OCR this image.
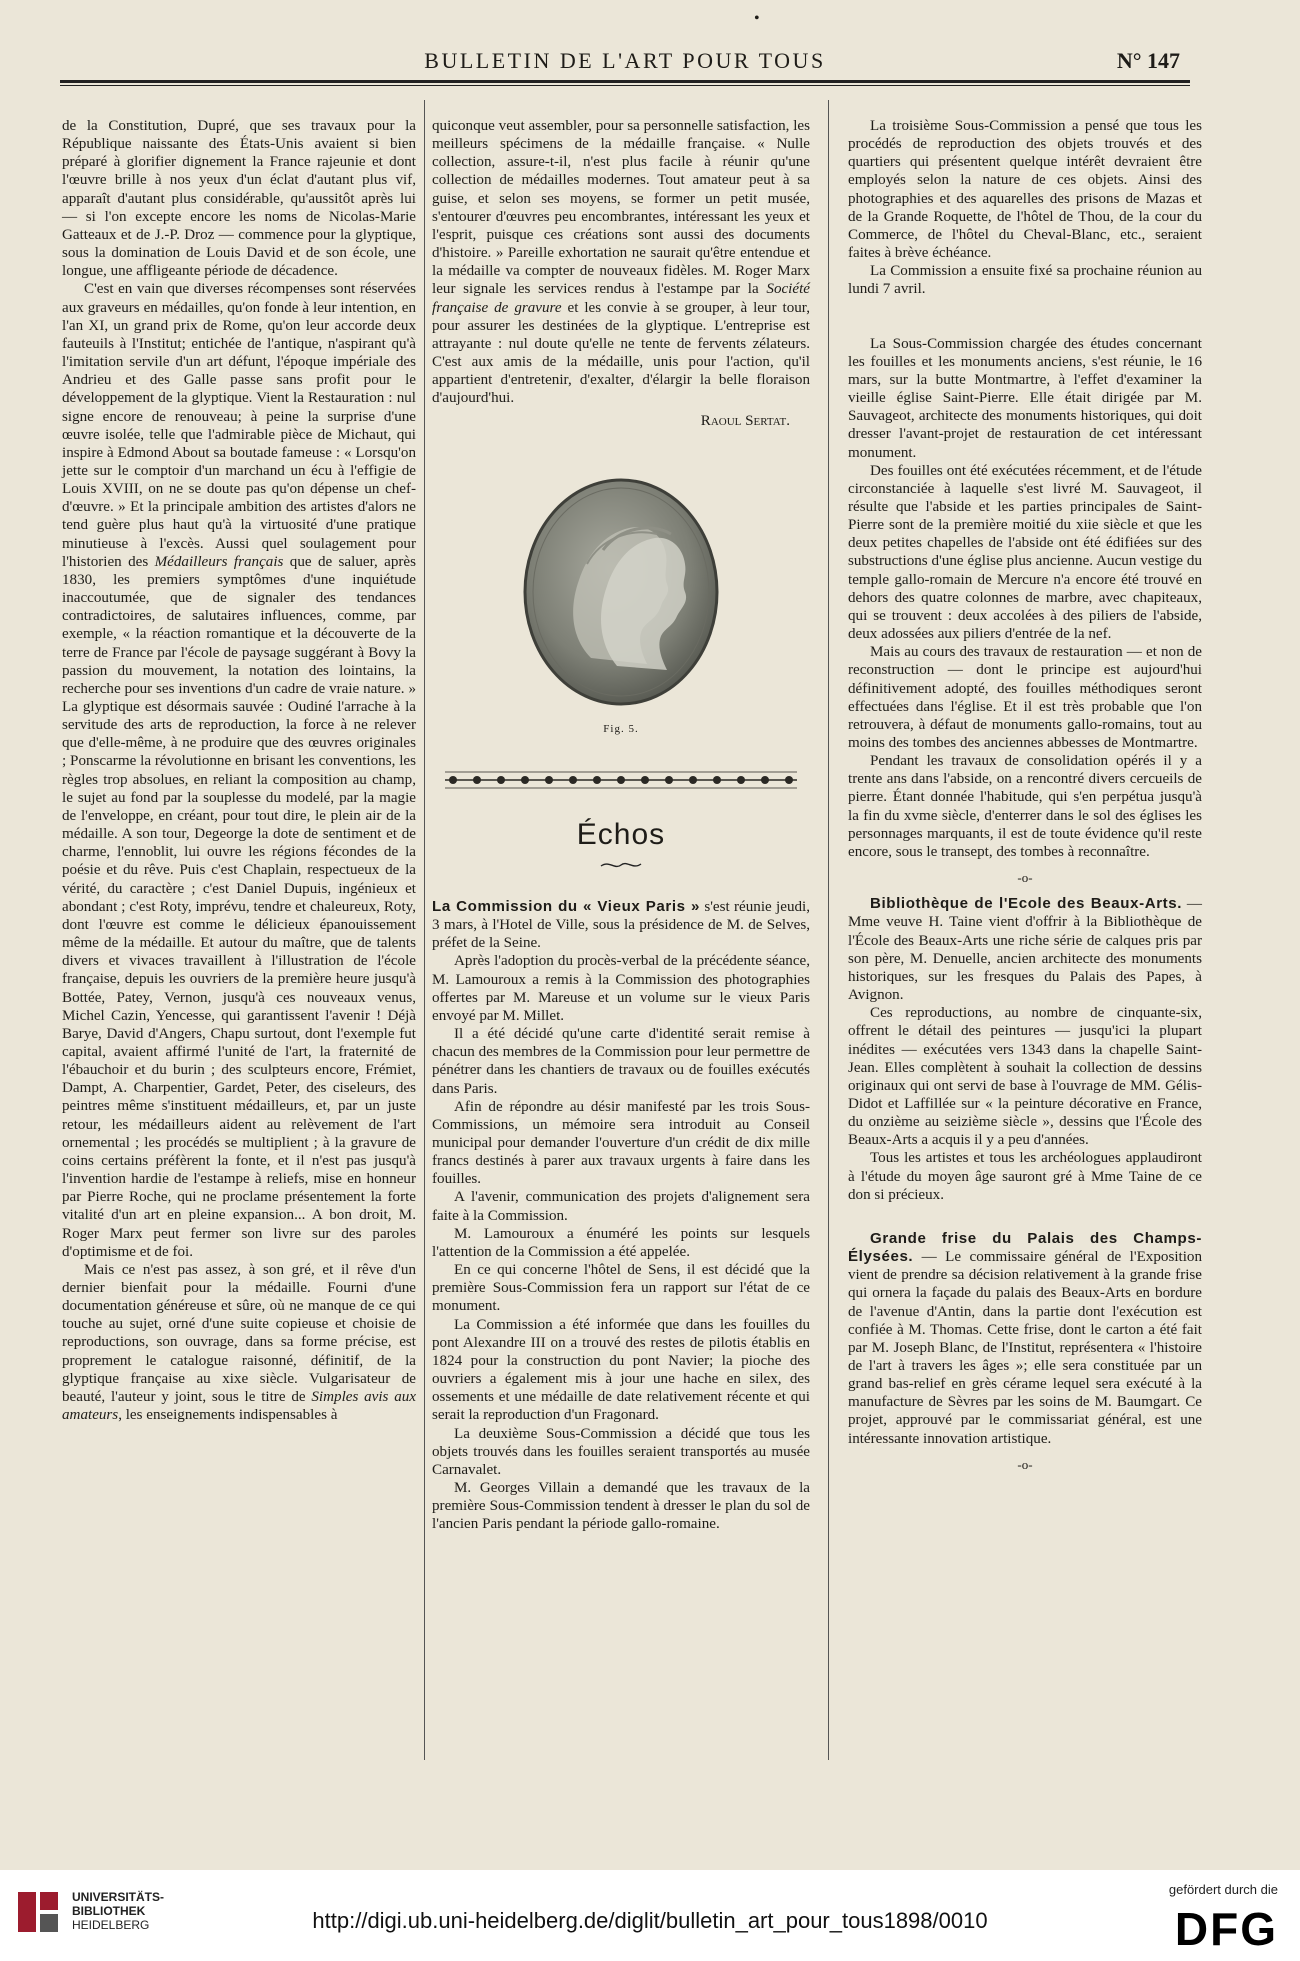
•
BULLETIN DE L'ART POUR TOUS	N° 147

de la Constitution, Dupré, que ses travaux pour la République naissante des États-Unis avaient si bien préparé à glorifier dignement la France rajeunie et dont l'œuvre brille à nos yeux d'un éclat d'autant plus vif, apparaît d'autant plus considérable, qu'aussitôt après lui — si l'on excepte encore les noms de Nicolas-Marie Gatteaux et de J.-P. Droz — commence pour la glyptique, sous la domination de Louis David et de son école, une longue, une affligeante période de décadence.

C'est en vain que diverses récompenses sont réservées aux graveurs en médailles, qu'on fonde à leur intention, en l'an XI, un grand prix de Rome, qu'on leur accorde deux fauteuils à l'Institut; entichée de l'antique, n'aspirant qu'à l'imitation servile d'un art défunt, l'époque impériale des Andrieu et des Galle passe sans profit pour le développement de la glyptique. Vient la Restauration : nul signe encore de renouveau; à peine la surprise d'une œuvre isolée, telle que l'admirable pièce de Michaut, qui inspire à Edmond About sa boutade fameuse : « Lorsqu'on jette sur le comptoir d'un marchand un écu à l'effigie de Louis XVIII, on ne se doute pas qu'on dépense un chef-d'œuvre. » Et la principale ambition des artistes d'alors ne tend guère plus haut qu'à la virtuosité d'une pratique minutieuse à l'excès. Aussi quel soulagement pour l'historien des Médailleurs français que de saluer, après 1830, les premiers symptômes d'une inquiétude inaccoutumée, que de signaler des tendances contradictoires, de salutaires influences, comme, par exemple, « la réaction romantique et la découverte de la terre de France par l'école de paysage suggérant à Bovy la passion du mouvement, la notation des lointains, la recherche pour ses inventions d'un cadre de vraie nature. » La glyptique est désormais sauvée : Oudiné l'arrache à la servitude des arts de reproduction, la force à ne relever que d'elle-même, à ne produire que des œuvres originales ; Ponscarme la révolutionne en brisant les conventions, les règles trop absolues, en reliant la composition au champ, le sujet au fond par la souplesse du modelé, par la magie de l'enveloppe, en créant, pour tout dire, le plein air de la médaille. A son tour, Degeorge la dote de sentiment et de charme, l'ennoblit, lui ouvre les régions fécondes de la poésie et du rêve. Puis c'est Chaplain, respectueux de la vérité, du caractère ; c'est Daniel Dupuis, ingénieux et abondant ; c'est Roty, imprévu, tendre et chaleureux, Roty, dont l'œuvre est comme le délicieux épanouissement même de la médaille. Et autour du maître, que de talents divers et vivaces travaillent à l'illustration de l'école française, depuis les ouvriers de la première heure jusqu'à Bottée, Patey, Vernon, jusqu'à ces nouveaux venus, Michel Cazin, Yencesse, qui garantissent l'avenir ! Déjà Barye, David d'Angers, Chapu surtout, dont l'exemple fut capital, avaient affirmé l'unité de l'art, la fraternité de l'ébauchoir et du burin ; des sculpteurs encore, Frémiet, Dampt, A. Charpentier, Gardet, Peter, des ciseleurs, des peintres même s'instituent médailleurs, et, par un juste retour, les médailleurs aident au relèvement de l'art ornemental ; les procédés se multiplient ; à la gravure de coins certains préfèrent la fonte, et il n'est pas jusqu'à l'invention hardie de l'estampe à reliefs, mise en honneur par Pierre Roche, qui ne proclame présentement la forte vitalité d'un art en pleine expansion... A bon droit, M. Roger Marx peut fermer son livre sur des paroles d'optimisme et de foi.

Mais ce n'est pas assez, à son gré, et il rêve d'un dernier bienfait pour la médaille. Fourni d'une documentation généreuse et sûre, où ne manque de ce qui touche au sujet, orné d'une suite copieuse et choisie de reproductions, son ouvrage, dans sa forme précise, est proprement le catalogue raisonné, définitif, de la glyptique française au xixe siècle. Vulgarisateur de beauté, l'auteur y joint, sous le titre de Simples avis aux amateurs, les enseignements indispensables à

quiconque veut assembler, pour sa personnelle satisfaction, les meilleurs spécimens de la médaille française. « Nulle collection, assure-t-il, n'est plus facile à réunir qu'une collection de médailles modernes. Tout amateur peut à sa guise, et selon ses moyens, se former un petit musée, s'entourer d'œuvres peu encombrantes, intéressant les yeux et l'esprit, puisque ces créations sont aussi des documents d'histoire. » Pareille exhortation ne saurait qu'être entendue et la médaille va compter de nouveaux fidèles. M. Roger Marx leur signale les services rendus à l'estampe par la Société française de gravure et les convie à se grouper, à leur tour, pour assurer les destinées de la glyptique. L'entreprise est attrayante : nul doute qu'elle ne tente de fervents zélateurs. C'est aux amis de la médaille, unis pour l'action, qu'il appartient d'entretenir, d'exalter, d'élargir la belle floraison d'aujourd'hui.

Raoul Sertat.

Fig. 5.
Échos

La Commission du « Vieux Paris » s'est réunie jeudi, 3 mars, à l'Hotel de Ville, sous la présidence de M. de Selves, préfet de la Seine.

Après l'adoption du procès-verbal de la précédente séance, M. Lamouroux a remis à la Commission des photographies offertes par M. Mareuse et un volume sur le vieux Paris envoyé par M. Millet.

Il a été décidé qu'une carte d'identité serait remise à chacun des membres de la Commission pour leur permettre de pénétrer dans les chantiers de travaux ou de fouilles exécutés dans Paris.

Afin de répondre au désir manifesté par les trois Sous-Commissions, un mémoire sera introduit au Conseil municipal pour demander l'ouverture d'un crédit de dix mille francs destinés à parer aux travaux urgents à faire dans les fouilles.

A l'avenir, communication des projets d'alignement sera faite à la Commission.

M. Lamouroux a énuméré les points sur lesquels l'attention de la Commission a été appelée.

En ce qui concerne l'hôtel de Sens, il est décidé que la première Sous-Commission fera un rapport sur l'état de ce monument.

La Commission a été informée que dans les fouilles du pont Alexandre III on a trouvé des restes de pilotis établis en 1824 pour la construction du pont Navier; la pioche des ouvriers a également mis à jour une hache en silex, des ossements et une médaille de date relativement récente et qui serait la reproduction d'un Fragonard.

La deuxième Sous-Commission a décidé que tous les objets trouvés dans les fouilles seraient transportés au musée Carnavalet.

M. Georges Villain a demandé que les travaux de la première Sous-Commission tendent à dresser le plan du sol de l'ancien Paris pendant la période gallo-romaine.

La troisième Sous-Commission a pensé que tous les procédés de reproduction des objets trouvés et des quartiers qui présentent quelque intérêt devraient être employés selon la nature de ces objets. Ainsi des photographies et des aquarelles des prisons de Mazas et de la Grande Roquette, de l'hôtel de Thou, de la cour du Commerce, de l'hôtel du Cheval-Blanc, etc., seraient faites à brève échéance.

La Commission a ensuite fixé sa prochaine réunion au lundi 7 avril.

La Sous-Commission chargée des études concernant les fouilles et les monuments anciens, s'est réunie, le 16 mars, sur la butte Montmartre, à l'effet d'examiner la vieille église Saint-Pierre. Elle était dirigée par M. Sauvageot, architecte des monuments historiques, qui doit dresser l'avant-projet de restauration de cet intéressant monument.

Des fouilles ont été exécutées récemment, et de l'étude circonstanciée à laquelle s'est livré M. Sauvageot, il résulte que l'abside et les parties principales de Saint-Pierre sont de la première moitié du xiie siècle et que les deux petites chapelles de l'abside ont été édifiées sur des substructions d'une église plus ancienne. Aucun vestige du temple gallo-romain de Mercure n'a encore été trouvé en dehors des quatre colonnes de marbre, avec chapiteaux, qui se trouvent : deux accolées à des piliers de l'abside, deux adossées aux piliers d'entrée de la nef.

Mais au cours des travaux de restauration — et non de reconstruction — dont le principe est aujourd'hui définitivement adopté, des fouilles méthodiques seront effectuées dans l'église. Et il est très probable que l'on retrouvera, à défaut de monuments gallo-romains, tout au moins des tombes des anciennes abbesses de Montmartre.

Pendant les travaux de consolidation opérés il y a trente ans dans l'abside, on a rencontré divers cercueils de pierre. Étant donnée l'habitude, qui s'en perpétua jusqu'à la fin du xvme siècle, d'enterrer dans le sol des églises les personnages marquants, il est de toute évidence qu'il reste encore, sous le transept, des tombes à reconnaître.

-o-

Bibliothèque de l'Ecole des Beaux-Arts. — Mme veuve H. Taine vient d'offrir à la Bibliothèque de l'École des Beaux-Arts une riche série de calques pris par son père, M. Denuelle, ancien architecte des monuments historiques, sur les fresques du Palais des Papes, à Avignon.

Ces reproductions, au nombre de cinquante-six, offrent le détail des peintures — jusqu'ici la plupart inédites — exécutées vers 1343 dans la chapelle Saint-Jean. Elles complètent à souhait la collection de dessins originaux qui ont servi de base à l'ouvrage de MM. Gélis-Didot et Laffillée sur « la peinture décorative en France, du onzième au seizième siècle », dessins que l'École des Beaux-Arts a acquis il y a peu d'années.

Tous les artistes et tous les archéologues applaudiront à l'étude du moyen âge sauront gré à Mme Taine de ce don si précieux.

Grande frise du Palais des Champs-Élysées. — Le commissaire général de l'Exposition vient de prendre sa décision relativement à la grande frise qui ornera la façade du palais des Beaux-Arts en bordure de l'avenue d'Antin, dans la partie dont l'exécution est confiée à M. Thomas. Cette frise, dont le carton a été fait par M. Joseph Blanc, de l'Institut, représentera « l'histoire de l'art à travers les âges »; elle sera constituée par un grand bas-relief en grès cérame lequel sera exécuté à la manufacture de Sèvres par les soins de M. Baumgart. Ce projet, approuvé par le commissariat général, est une intéressante innovation artistique.

-o-

UNIVERSITÄTS-
BIBLIOTHEK
HEIDELBERG	http://digi.ub.uni-heidelberg.de/diglit/bulletin_art_pour_tous1898/0010
gefördert durch die
DFG
